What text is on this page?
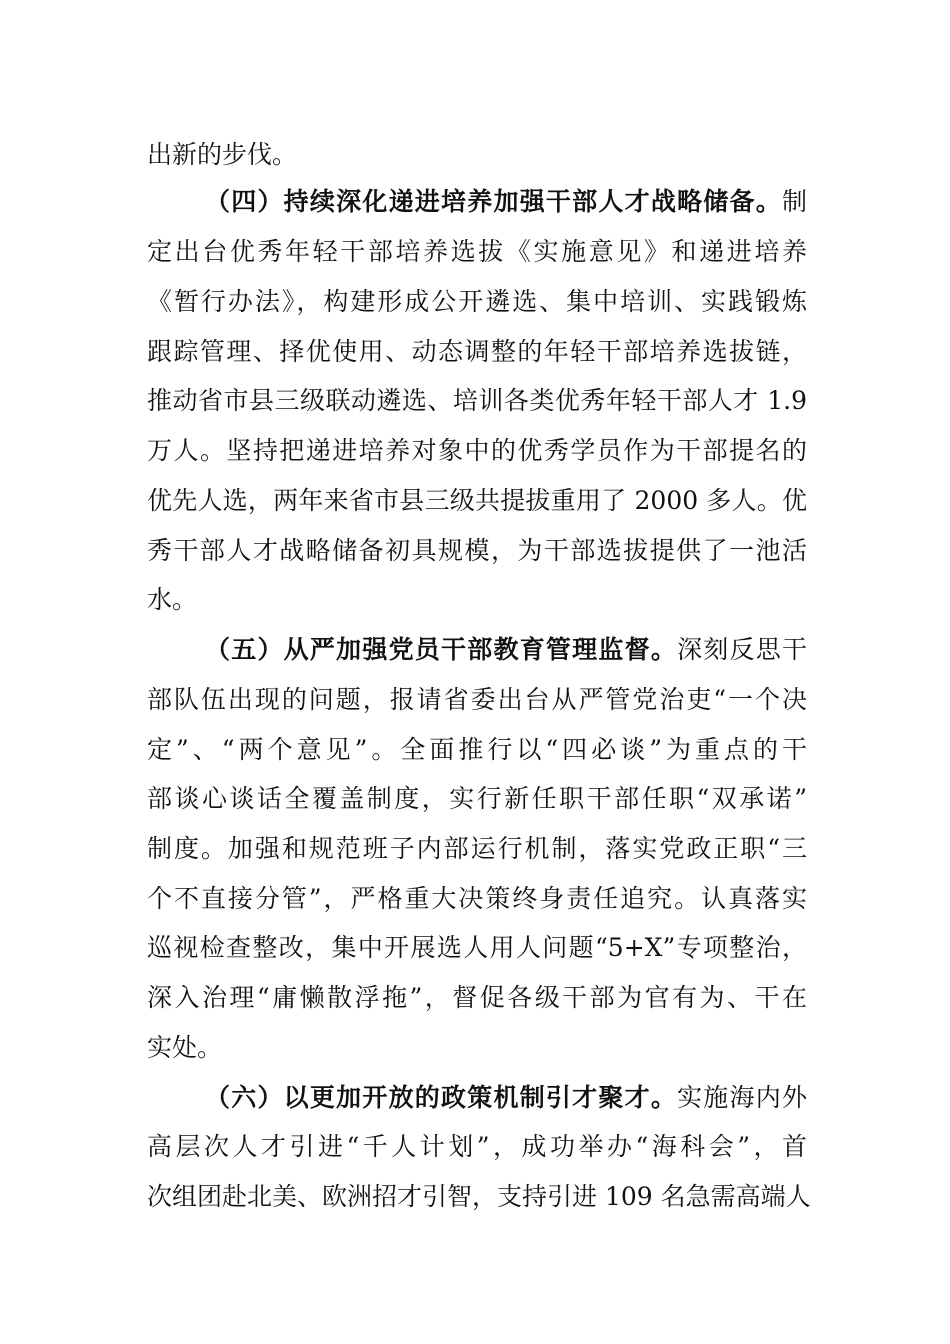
出新的步伐。
（四）持续深化递进培养加强干部人才战略储备。制
定出台优秀年轻干部培养选拔《实施意见》和递进培养
《暂行办法》，构建形成公开遴选、集中培训、实践锻炼
跟踪管理、择优使用、动态调整的年轻干部培养选拔链，
推动省市县三级联动遴选、培训各类优秀年轻干部人才 1.9
万人。坚持把递进培养对象中的优秀学员作为干部提名的
优先人选，两年来省市县三级共提拔重用了 2000 多人。优
秀干部人才战略储备初具规模，为干部选拔提供了一池活
水。
（五）从严加强党员干部教育管理监督。深刻反思干
部队伍出现的问题，报请省委出台从严管党治吏“一个决
定”、“两个意见”。全面推行以“四必谈”为重点的干
部谈心谈话全覆盖制度，实行新任职干部任职“双承诺”
制度。加强和规范班子内部运行机制，落实党政正职“三
个不直接分管”，严格重大决策终身责任追究。认真落实
巡视检查整改，集中开展选人用人问题“5+X”专项整治，
深入治理“庸懒散浮拖”，督促各级干部为官有为、干在
实处。
（六）以更加开放的政策机制引才聚才。实施海内外
高层次人才引进“千人计划”，成功举办“海科会”，首
次组团赴北美、欧洲招才引智，支持引进 109 名急需高端人
